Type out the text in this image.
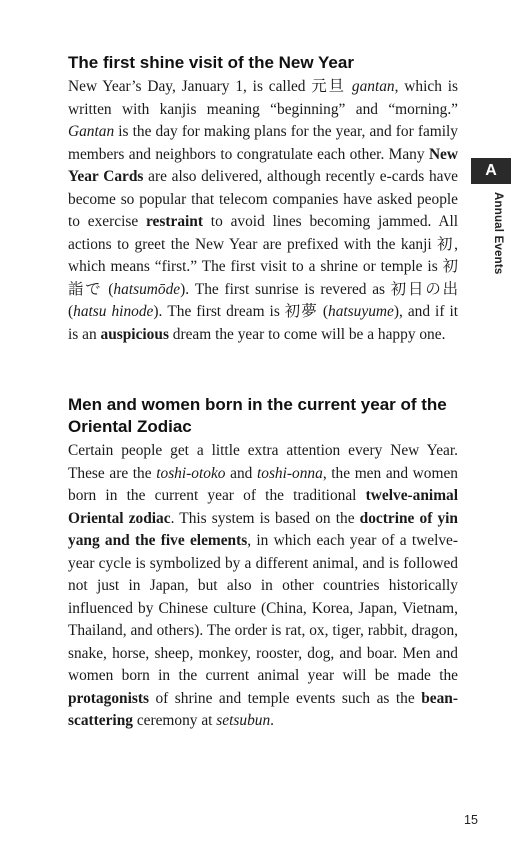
The first shine visit of the New Year

New Year’s Day, January 1, is called 元旦 gantan, which is written with kanjis meaning “beginning” and “morning.” Gantan is the day for making plans for the year, and for family members and neighbors to congratulate each other. Many New Year Cards are also delivered, although recently e-cards have become so popular that telecom companies have asked people to exercise restraint to avoid lines becoming jammed. All actions to greet the New Year are prefixed with the kanji 初, which means “first.” The first visit to a shrine or temple is 初詣で (hatsumōde). The first sunrise is revered as 初日の出 (hatsu hinode). The first dream is 初夢 (hatsuyume), and if it is an auspicious dream the year to come will be a happy one.

Men and women born in the current year of the Oriental Zodiac

Certain people get a little extra attention every New Year. These are the toshi-otoko and toshi-onna, the men and women born in the current year of the traditional twelve-animal Oriental zodiac. This system is based on the doctrine of yin yang and the five elements, in which each year of a twelve-year cycle is symbolized by a different animal, and is followed not just in Japan, but also in other countries historically influenced by Chinese culture (China, Korea, Japan, Vietnam, Thailand, and others). The order is rat, ox, tiger, rabbit, dragon, snake, horse, sheep, monkey, rooster, dog, and boar. Men and women born in the current animal year will be made the protagonists of shrine and temple events such as the bean-scattering ceremony at setsubun.

A
Annual Events
15
